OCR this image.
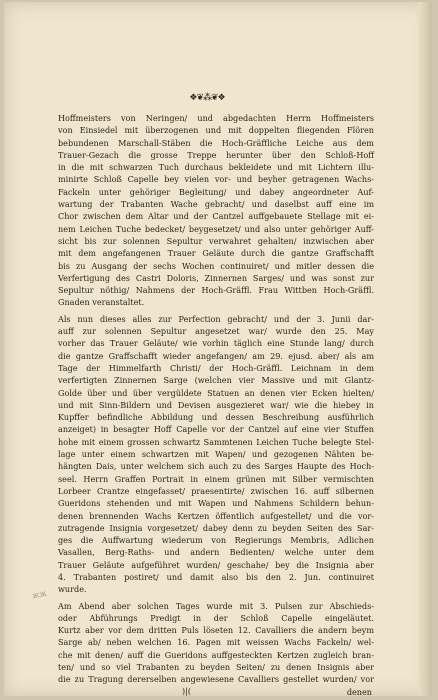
❖❦⁂❦❖
Hoffmeisters von Neringen/ und abgedachten Herrn Hoffmeisters
von Einsiedel mit überzogenen und mit doppelten fliegenden Flören
bebundenen Marschall-Stäben die Hoch-Gräffliche Leiche aus dem
Trauer-Gezach die grosse Treppe herunter über den Schloß-Hoff
in die mit schwarzen Tuch durchaus bekleidete und mit Lichtern illu-
minirte Schloß Capelle bey vielen vor- und beyher getragenen Wachs-
Fackeln unter gehöriger Begleitung/ und dabey angeordneter Auf-
wartung der Trabanten Wache gebracht/ und daselbst auff eine im
Chor zwischen dem Altar und der Cantzel auffgebauete Stellage mit ei-
nem Leichen Tuche bedecket/ beygesetzet/ und also unter gehöriger Auff-
sicht bis zur solennen Sepultur verwahret gehalten/ inzwischen aber
mit dem angefangenen Trauer Geläute durch die gantze Graffschafft
bis zu Ausgang der sechs Wochen continuiret/ und mitler dessen die
Verfertigung des Castri Doloris, Zinnernen Sarges/ und was sonst zur
Sepultur nöthig/ Nahmens der Hoch-Gräffl. Frau Wittben Hoch-Gräffl.
Gnaden veranstaltet.
Als nun dieses alles zur Perfection gebracht/ und der 3. Junii dar-
auff zur solennen Sepultur angesetzet war/ wurde den 25. May
vorher das Trauer Geläute/ wie vorhin täglich eine Stunde lang/ durch
die gantze Graffschafft wieder angefangen/ am 29. ejusd. aber/ als am
Tage der Himmelfarth Christi/ der Hoch-Gräffl. Leichnam in dem
verfertigten Zinnernen Sarge (welchen vier Massive und mit Glantz-
Golde über und über vergüldete Statuen an denen vier Ecken hielten/
und mit Sinn-Bildern und Devisen ausgezieret war/ wie die hiebey in
Kupffer befindliche Abbildung und dessen Beschreibung ausführlich
anzeiget) in besagter Hoff Capelle vor der Cantzel auf eine vier Stuffen
hohe mit einem grossen schwartz Sammtenen Leichen Tuche belegte Stel-
lage unter einem schwartzen mit Wapen/ und gezogenen Nähten be-
hängten Dais, unter welchem sich auch zu des Sarges Haupte des Hoch-
seel. Herrn Graffen Portrait in einem grünen mit Silber vermischten
Lorbeer Crantze eingefasset/ praesentirte/ zwischen 16. auff silbernen
Gueridons stehenden und mit Wapen und Nahmens Schildern behun-
denen brennenden Wachs Kertzen öffentlich aufgestellet/ und die vor-
zutragende Insignia vorgesetzet/ dabey denn zu beyden Seiten des Sar-
ges die Auffwartung wiederum von Regierungs Membris, Adlichen
Vasallen, Berg-Raths- und andern Bedienten/ welche unter dem
Trauer Geläute aufgeführet wurden/ geschahe/ bey die Insignia aber
4. Trabanten postiret/ und damit also bis den 2. Jun. continuiret
wurde.
Am Abend aber solchen Tages wurde mit 3. Pulsen zur Abschieds-
oder Abführungs Predigt in der Schloß Capelle eingeläutet.
Kurtz aber vor dem dritten Puls löseten 12. Cavalliers die andern beym
Sarge ab/ neben welchen 16. Pagen mit weissen Wachs Fackeln/ wel-
che mit denen/ auff die Gueridons auffgesteckten Kertzen zugleich bran-
ten/ und so viel Trabanten zu beyden Seiten/ zu denen Insignis aber
die zu Tragung dererselben angewiesene Cavalliers gestellet wurden/ vor
)|(	denen
жж
